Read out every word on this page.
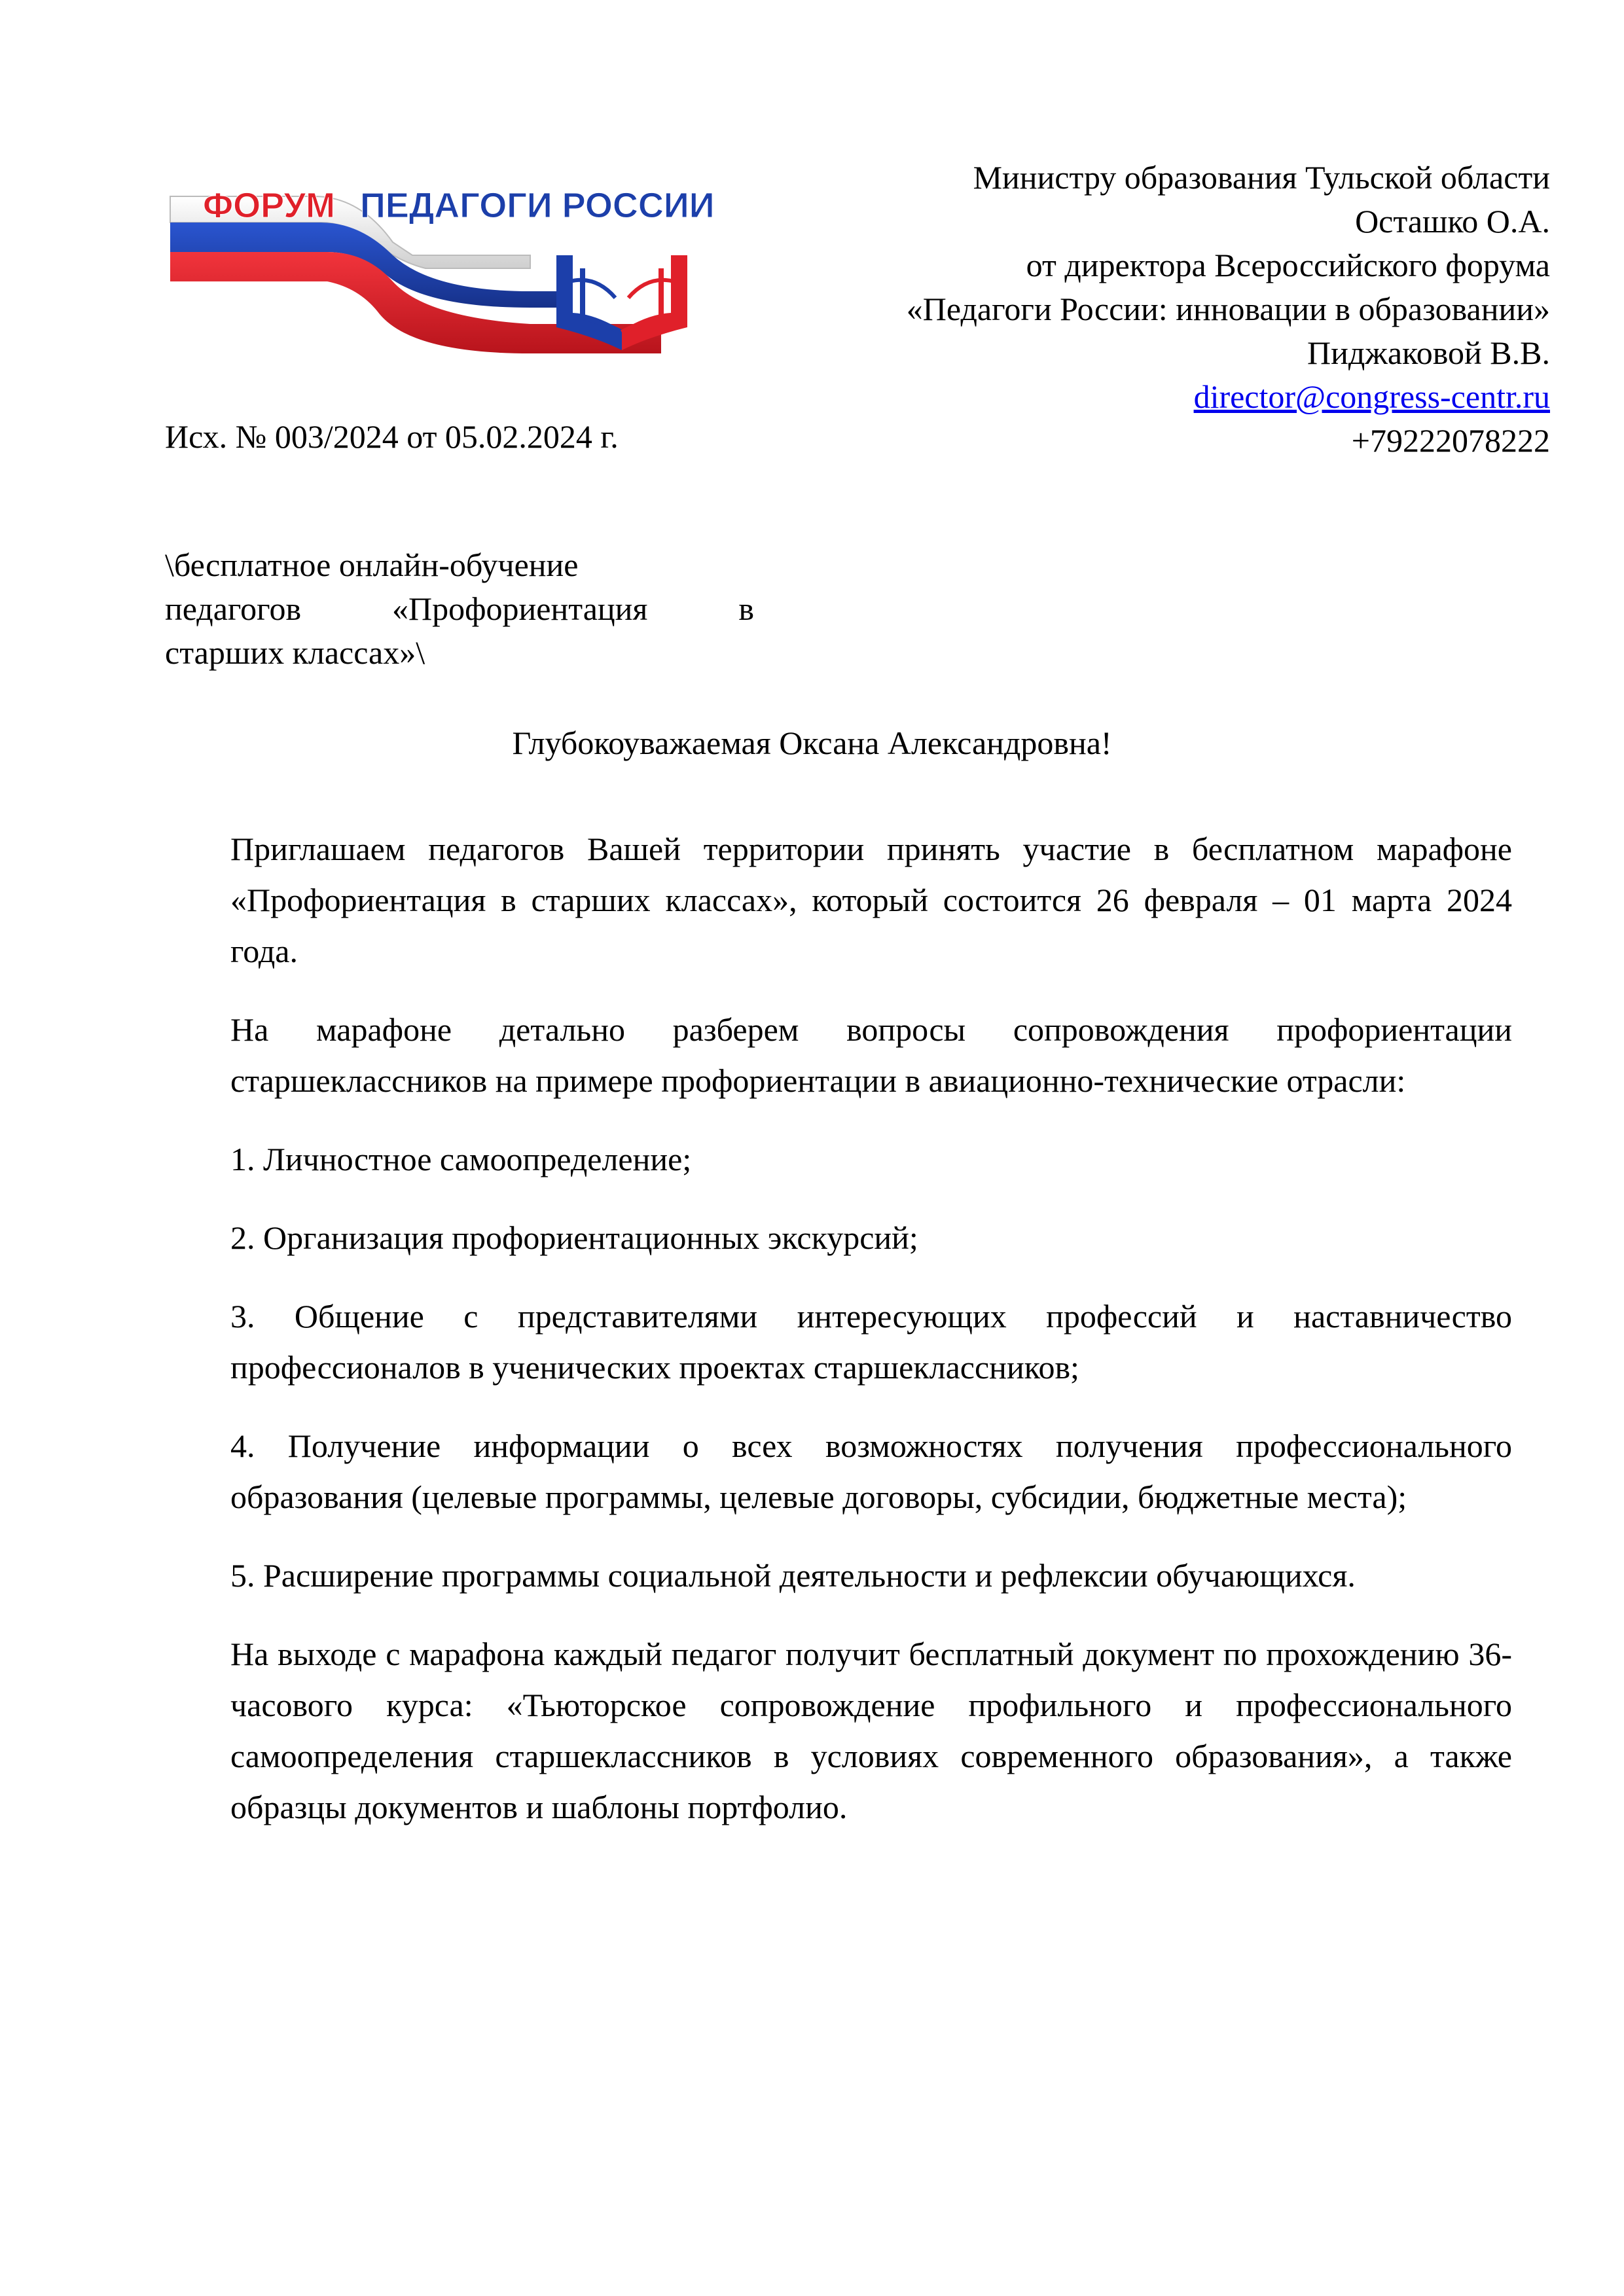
ФОРУМ ПЕДАГОГИ РОССИИ
Министру образования Тульской области
Осташко О.А.
от директора Всероссийского форума
«Педагоги России: инновации в образовании»
Пиджаковой В.В.
director@congress-centr.ru
+79222078222
Исх. № 003/2024 от 05.02.2024 г.
\бесплатное онлайн-обучение
педагогов	«Профориентация	в
старших классах»\
Глубокоуважаемая Оксана Александровна!

Приглашаем педагогов Вашей территории принять участие в бесплатном марафоне «Профориентация в старших классах», который состоится 26 февраля – 01 марта 2024 года.

На марафоне детально разберем вопросы сопровождения профориентации старшеклассников на примере профориентации в авиационно-технические отрасли:

1. Личностное самоопределение;

2. Организация профориентационных экскурсий;

3. Общение с представителями интересующих профессий и наставничество профессионалов в ученических проектах старшеклассников;

4. Получение информации о всех возможностях получения профессионального образования (целевые программы, целевые договоры, субсидии, бюджетные места);

5. Расширение программы социальной деятельности и рефлексии обучающихся.

На выходе с марафона каждый педагог получит бесплатный документ по прохождению 36-часового курса: «Тьюторское сопровождение профильного и профессионального самоопределения старшеклассников в условиях современного образования», а также образцы документов и шаблоны портфолио.
